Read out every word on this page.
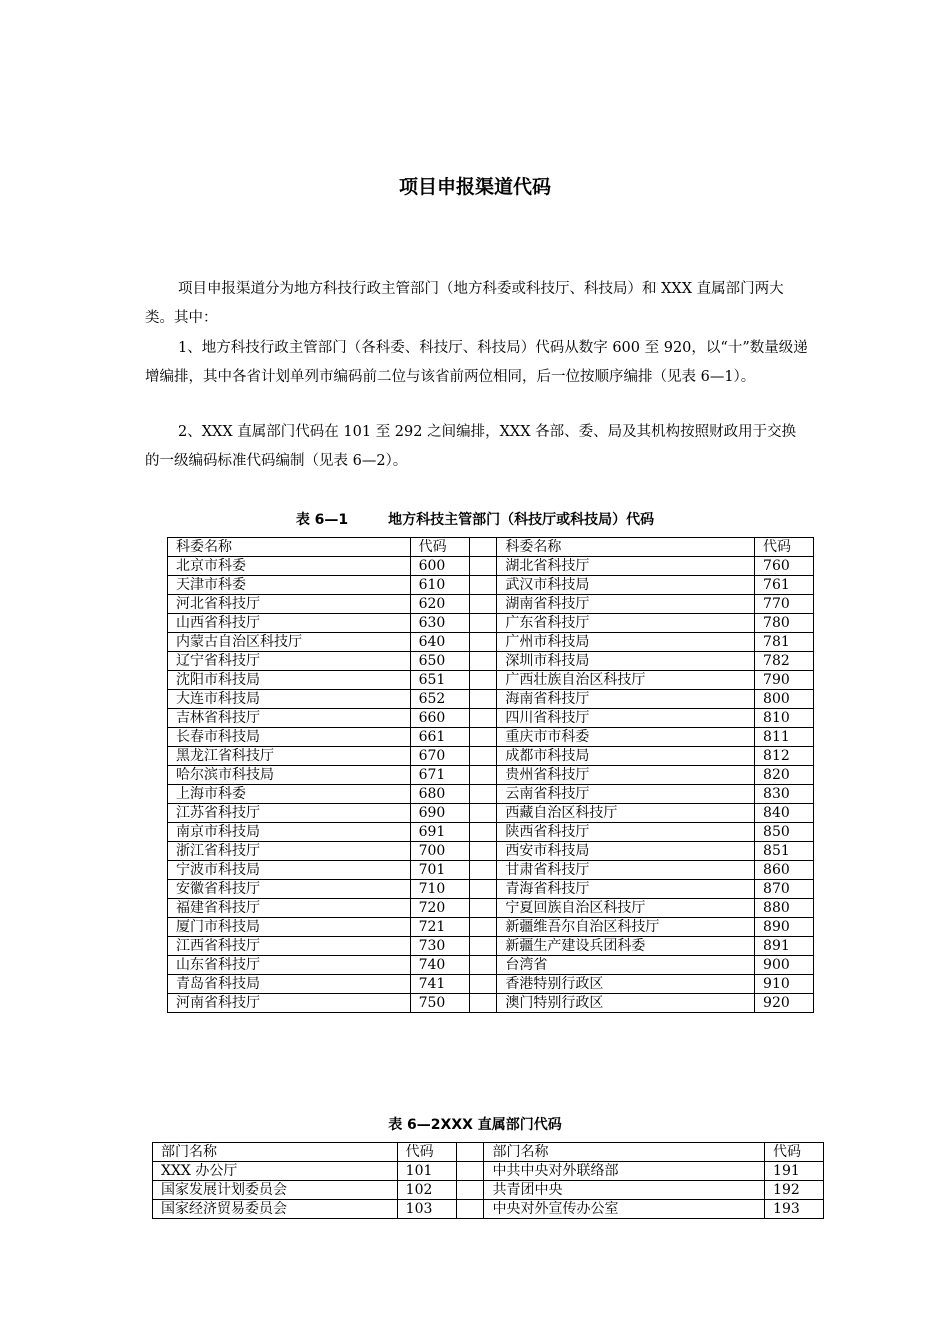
项目申报渠道代码

项目申报渠道分为地方科技行政主管部门（地方科委或科技厅、科技局）和 XXX 直属部门两大类。其中：

1、地方科技行政主管部门（各科委、科技厅、科技局）代码从数字 600 至 920，以“十”数量级递增编排，其中各省计划单列市编码前二位与该省前两位相同，后一位按顺序编排（见表 6—1）。

2、XXX 直属部门代码在 101 至 292 之间编排，XXX 各部、委、局及其机构按照财政用于交换的一级编码标准代码编制（见表 6—2）。

表 6—1	地方科技主管部门（科技厅或科技局）代码
科委名称	代码		科委名称	代码
北京市科委	600		湖北省科技厅	760
天津市科委	610		武汉市科技局	761
河北省科技厅	620		湖南省科技厅	770
山西省科技厅	630		广东省科技厅	780
内蒙古自治区科技厅	640		广州市科技局	781
辽宁省科技厅	650		深圳市科技局	782
沈阳市科技局	651		广西壮族自治区科技厅	790
大连市科技局	652		海南省科技厅	800
吉林省科技厅	660		四川省科技厅	810
长春市科技局	661		重庆市市科委	811
黑龙江省科技厅	670		成都市科技局	812
哈尔滨市科技局	671		贵州省科技厅	820
上海市科委	680		云南省科技厅	830
江苏省科技厅	690		西藏自治区科技厅	840
南京市科技局	691		陕西省科技厅	850
浙江省科技厅	700		西安市科技局	851
宁波市科技局	701		甘肃省科技厅	860
安徽省科技厅	710		青海省科技厅	870
福建省科技厅	720		宁夏回族自治区科技厅	880
厦门市科技局	721		新疆维吾尔自治区科技厅	890
江西省科技厅	730		新疆生产建设兵团科委	891
山东省科技厅	740		台湾省	900
青岛省科技局	741		香港特别行政区	910
河南省科技厅	750		澳门特别行政区	920
表 6—2XXX 直属部门代码
部门名称	代码		部门名称	代码
XXX 办公厅	101		中共中央对外联络部	191
国家发展计划委员会	102		共青团中央	192
国家经济贸易委员会	103		中央对外宣传办公室	193
